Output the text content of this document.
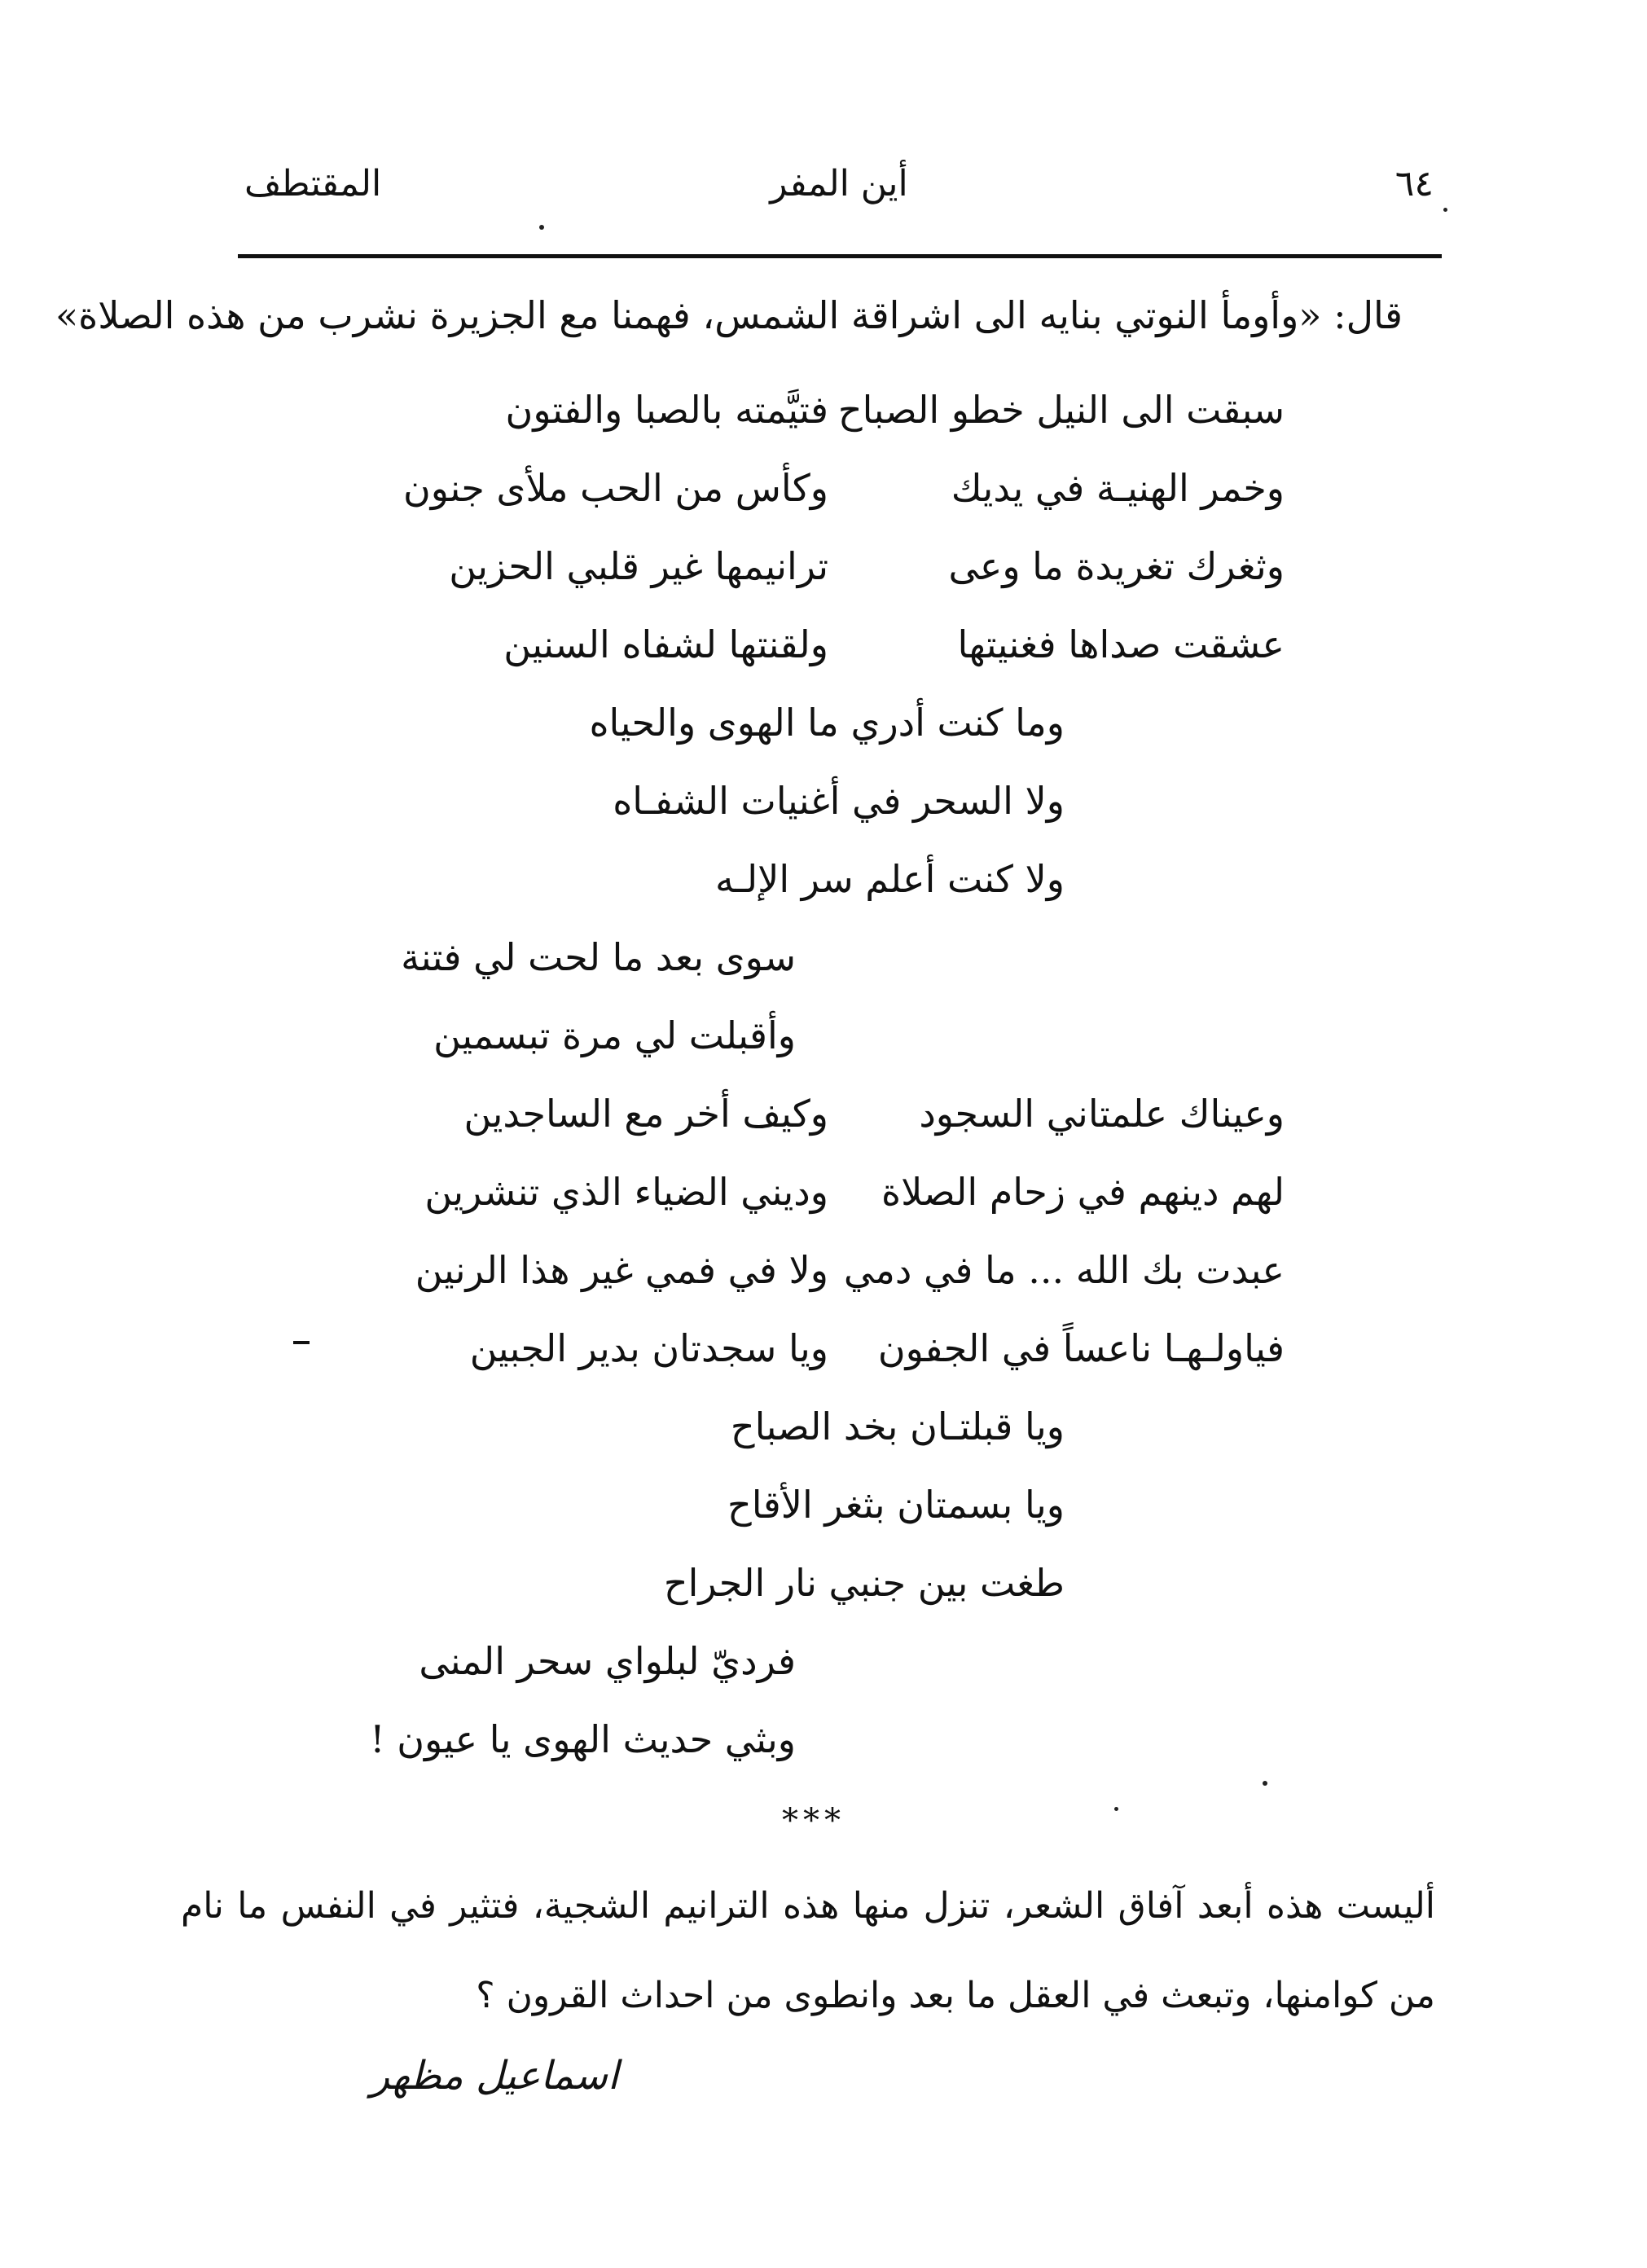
٦٤
أين المفر
المقتطف
قال: «وأومأ النوتي بنايه الى اشراقة الشمس، فهمنا مع الجزيرة نشرب من هذه الصلاة»
سبقت الى النيل خطو الصباح
فتيَّمته بالصبا والفتون
وخمر الهنيـة في يديك
وكأس من الحب ملأى جنون
وثغرك تغريدة ما وعى
ترانيمها غير قلبي الحزين
عشقت صداها فغنيتها
ولقنتها لشفاه السنين
وما كنت أدري ما الهوى والحياه
ولا السحر في أغنيات الشفـاه
ولا كنت أعلم سر الإلـه
سوى بعد ما لحت لي فتنة
وأقبلت لي مرة تبسمين
وعيناك علمتاني السجود
وكيف أخر مع الساجدين
لهم دينهم في زحام الصلاة
وديني الضياء الذي تنشرين
عبدت بك الله ... ما في دمي
ولا في فمي غير هذا الرنين
فياولـهـا ناعساً في الجفون
ويا سجدتان بدير الجبين
ويا قبلتـان بخد الصباح
ويا بسمتان بثغر الأقاح
طغت بين جنبي نار الجراح
فرديّ لبلواي سحر المنى
وبثي حديث الهوى يا عيون !
***
أليست هذه أبعد آفاق الشعر، تنزل منها هذه الترانيم الشجية، فتثير في النفس ما نام من كوامنها، وتبعث في العقل ما بعد وانطوى من احداث القرون ؟
اسماعيل مظهر
